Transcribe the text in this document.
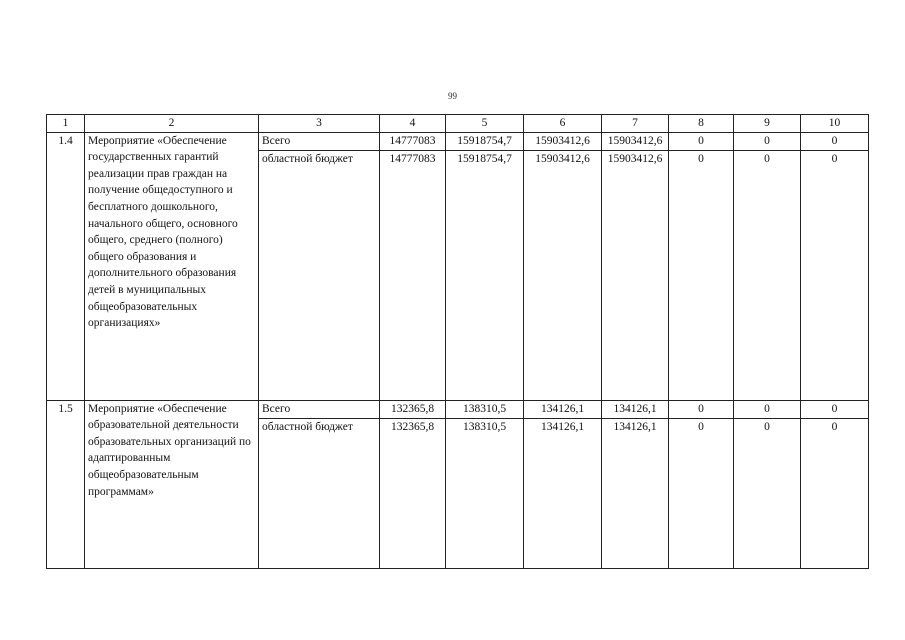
99
1	2	3	4	5	6	7	8	9	10
1.4	Мероприятие «Обеспечение государственных гарантий реализации прав граждан на получение общедоступного и бесплатного дошкольного, начального общего, основного общего, среднего (полного) общего образования и дополнительного образования детей в муниципальных общеобразовательных организациях»	Всего	14777083	15918754,7	15903412,6	15903412,6	0	0	0
		областной бюджет	14777083	15918754,7	15903412,6	15903412,6	0	0	0
1.5	Мероприятие «Обеспечение образовательной деятельности образовательных организаций по адаптированным общеобразовательным программам»	Всего	132365,8	138310,5	134126,1	134126,1	0	0	0
		областной бюджет	132365,8	138310,5	134126,1	134126,1	0	0	0
